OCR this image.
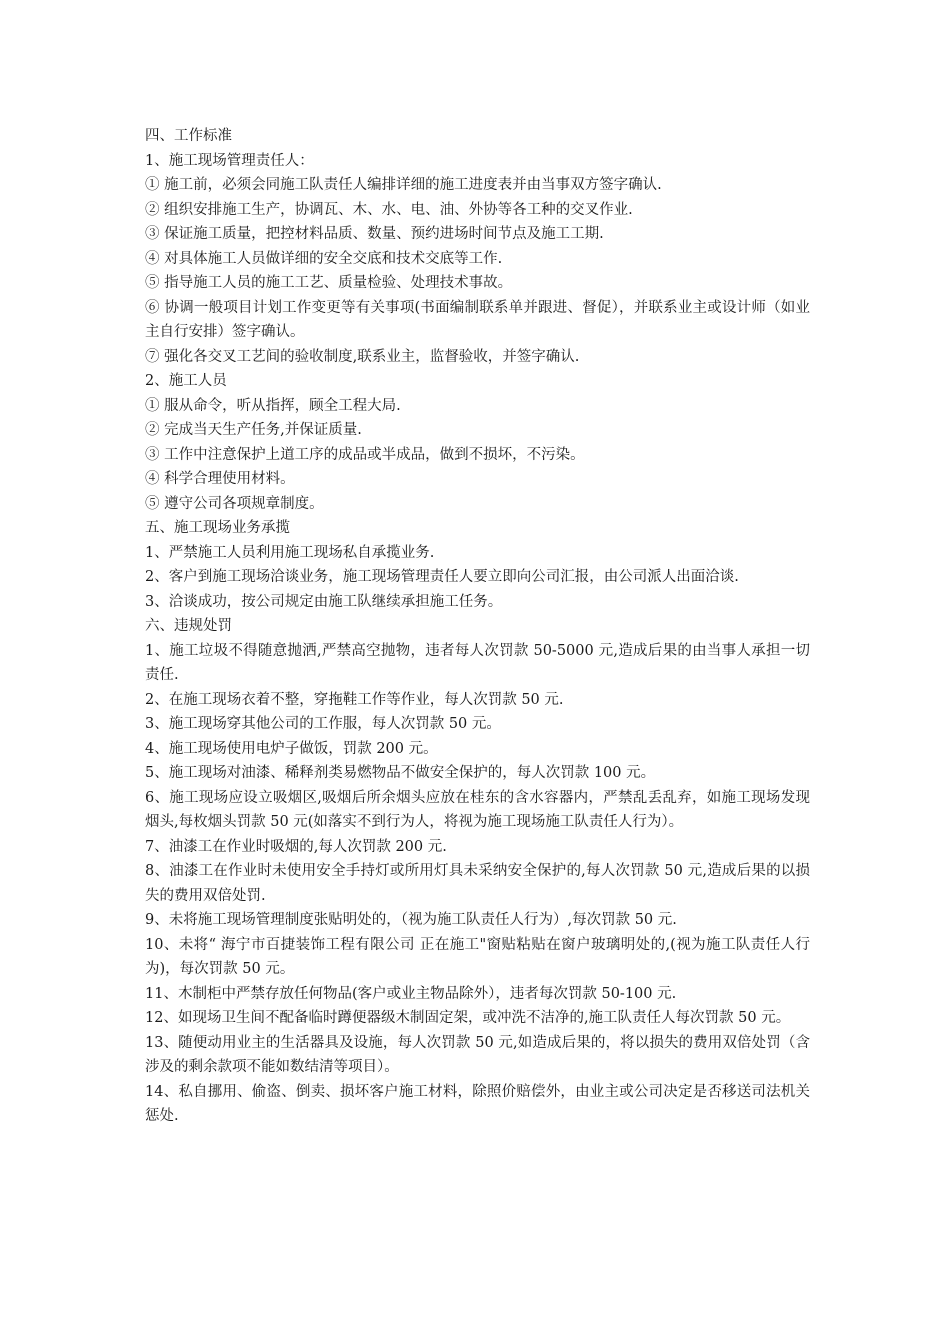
四、工作标准

1、施工现场管理责任人：

① 施工前，必须会同施工队责任人编排详细的施工进度表并由当事双方签字确认.

② 组织安排施工生产，协调瓦、木、水、电、油、外协等各工种的交叉作业.

③ 保证施工质量，把控材料品质、数量、预约进场时间节点及施工工期.

④ 对具体施工人员做详细的安全交底和技术交底等工作.

⑤ 指导施工人员的施工工艺、质量检验、处理技术事故。

⑥ 协调一般项目计划工作变更等有关事项(书面编制联系单并跟进、督促），并联系业主或设计师（如业主自行安排）签字确认。

⑦ 强化各交叉工艺间的验收制度,联系业主，监督验收，并签字确认.

2、施工人员

① 服从命令，听从指挥，顾全工程大局.

② 完成当天生产任务,并保证质量.

③ 工作中注意保护上道工序的成品或半成品，做到不损坏，不污染。

④ 科学合理使用材料。

⑤ 遵守公司各项规章制度。

五、施工现场业务承揽

1、严禁施工人员利用施工现场私自承揽业务.

2、客户到施工现场洽谈业务，施工现场管理责任人要立即向公司汇报，由公司派人出面洽谈.

3、洽谈成功，按公司规定由施工队继续承担施工任务。

六、违规处罚

1、施工垃圾不得随意抛洒,严禁高空抛物，违者每人次罚款 50-5000 元,造成后果的由当事人承担一切责任.

2、在施工现场衣着不整，穿拖鞋工作等作业，每人次罚款 50 元.

3、施工现场穿其他公司的工作服，每人次罚款 50 元。

4、施工现场使用电炉子做饭，罚款 200 元。

5、施工现场对油漆、稀释剂类易燃物品不做安全保护的，每人次罚款 100 元。

6、施工现场应设立吸烟区,吸烟后所余烟头应放在桂东的含水容器内，严禁乱丢乱弃，如施工现场发现烟头,每枚烟头罚款 50 元(如落实不到行为人，将视为施工现场施工队责任人行为）。

7、油漆工在作业时吸烟的,每人次罚款 200 元.

8、油漆工在作业时未使用安全手持灯或所用灯具未采纳安全保护的,每人次罚款 50 元,造成后果的以损失的费用双倍处罚.

9、未将施工现场管理制度张贴明处的，（视为施工队责任人行为）,每次罚款 50 元.

10、未将“ 海宁市百捷装饰工程有限公司 正在施工"窗贴粘贴在窗户玻璃明处的,(视为施工队责任人行为)，每次罚款 50 元。

11、木制柜中严禁存放任何物品(客户或业主物品除外），违者每次罚款 50-100 元.

12、如现场卫生间不配备临时蹲便器级木制固定架，或冲洗不洁净的,施工队责任人每次罚款 50 元。

13、随便动用业主的生活器具及设施，每人次罚款 50 元,如造成后果的，将以损失的费用双倍处罚（含涉及的剩余款项不能如数结清等项目）。

14、私自挪用、偷盗、倒卖、损坏客户施工材料，除照价赔偿外，由业主或公司决定是否移送司法机关惩处.
